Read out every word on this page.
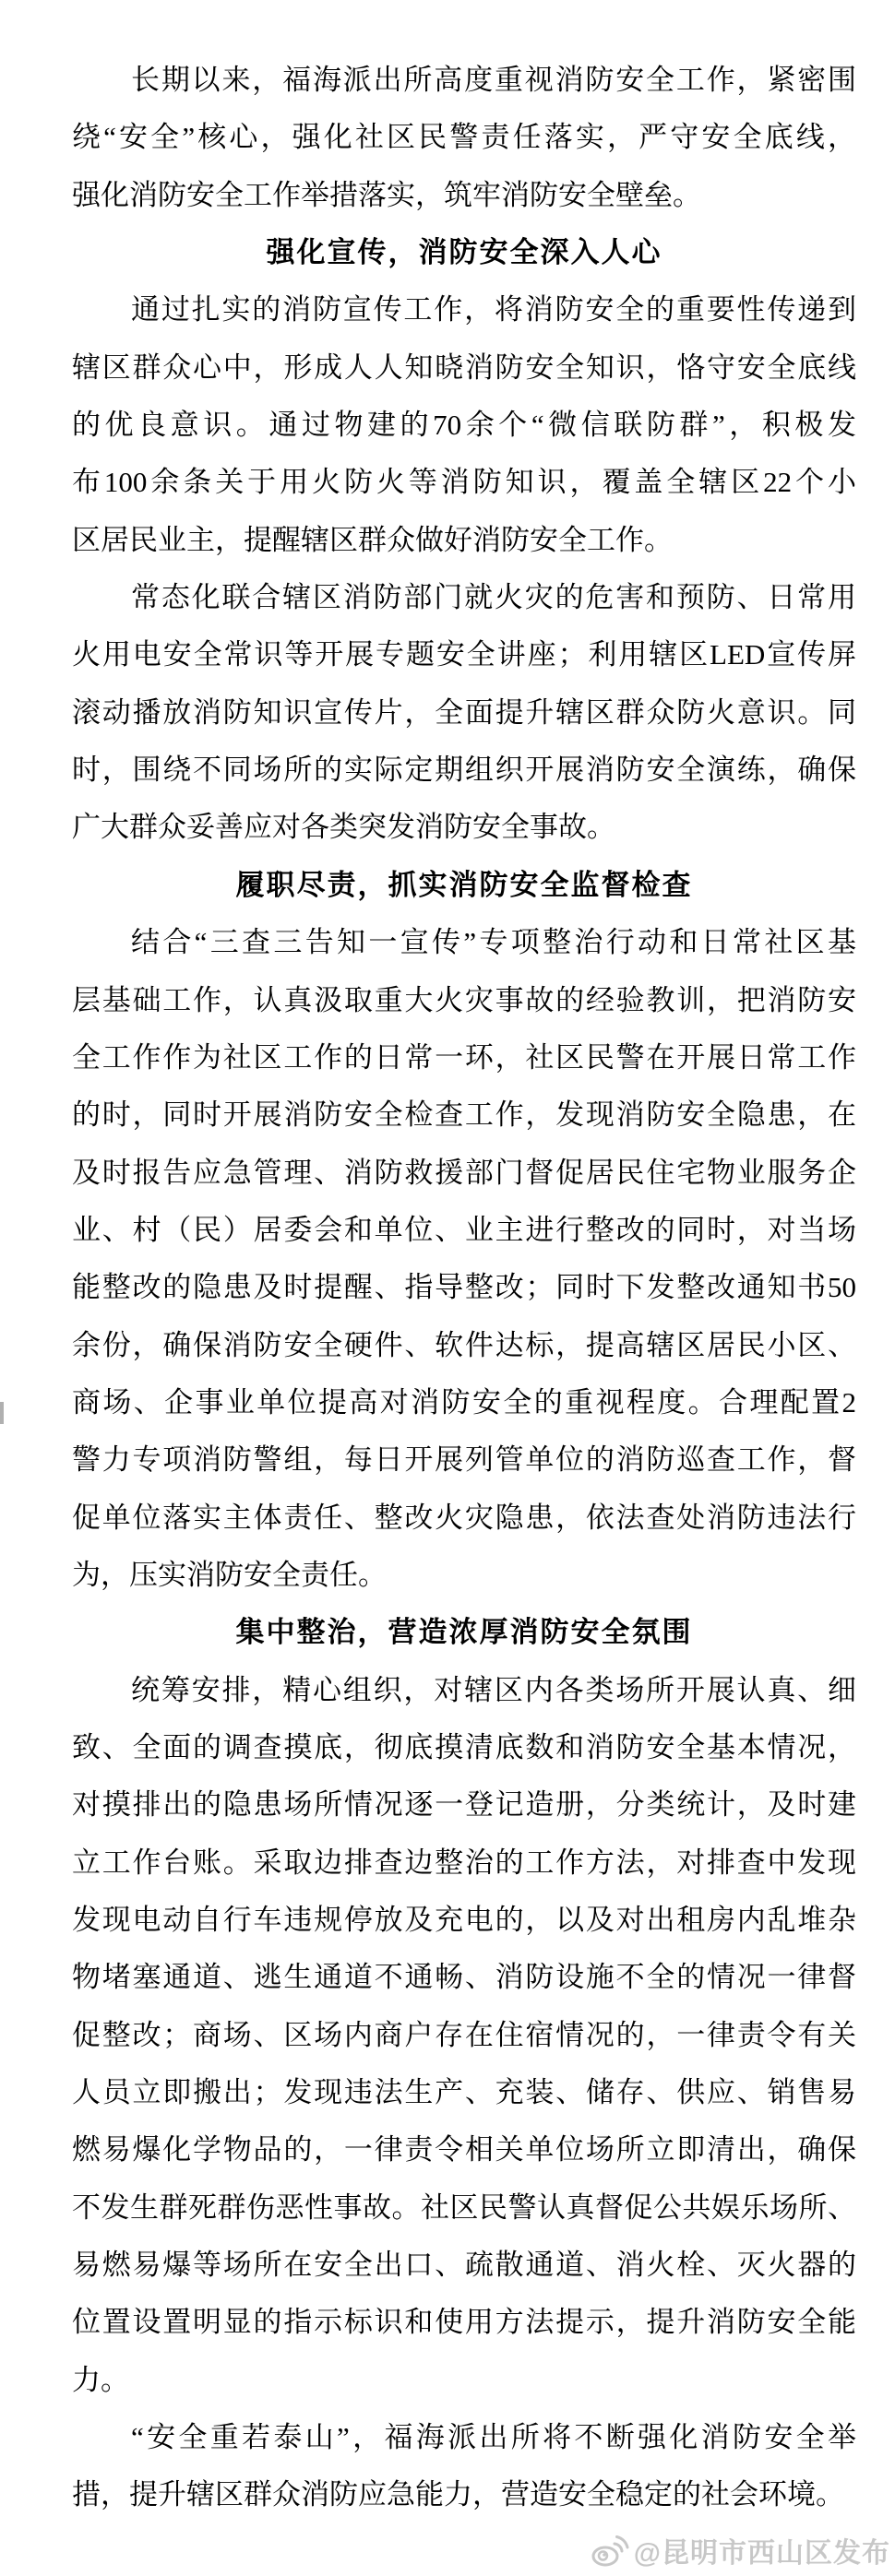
长期以来，福海派出所高度重视消防安全工作，紧密围
绕“安全”核心，强化社区民警责任落实，严守安全底线，
强化消防安全工作举措落实，筑牢消防安全壁垒。
强化宣传，消防安全深入人心
通过扎实的消防宣传工作，将消防安全的重要性传递到
辖区群众心中，形成人人知晓消防安全知识，恪守安全底线
的优良意识。通过物建的70余个“微信联防群”，积极发
布100余条关于用火防火等消防知识，覆盖全辖区22个小
区居民业主，提醒辖区群众做好消防安全工作。
常态化联合辖区消防部门就火灾的危害和预防、日常用
火用电安全常识等开展专题安全讲座；利用辖区LED宣传屏
滚动播放消防知识宣传片，全面提升辖区群众防火意识。同
时，围绕不同场所的实际定期组织开展消防安全演练，确保
广大群众妥善应对各类突发消防安全事故。
履职尽责，抓实消防安全监督检查
结合“三查三告知一宣传”专项整治行动和日常社区基
层基础工作，认真汲取重大火灾事故的经验教训，把消防安
全工作作为社区工作的日常一环，社区民警在开展日常工作
的时，同时开展消防安全检查工作，发现消防安全隐患，在
及时报告应急管理、消防救援部门督促居民住宅物业服务企
业、村（民）居委会和单位、业主进行整改的同时，对当场
能整改的隐患及时提醒、指导整改；同时下发整改通知书50
余份，确保消防安全硬件、软件达标，提高辖区居民小区、
商场、企事业单位提高对消防安全的重视程度。合理配置2
警力专项消防警组，每日开展列管单位的消防巡查工作，督
促单位落实主体责任、整改火灾隐患，依法查处消防违法行
为，压实消防安全责任。
集中整治，营造浓厚消防安全氛围
统筹安排，精心组织，对辖区内各类场所开展认真、细
致、全面的调查摸底，彻底摸清底数和消防安全基本情况，
对摸排出的隐患场所情况逐一登记造册，分类统计，及时建
立工作台账。采取边排查边整治的工作方法，对排查中发现
发现电动自行车违规停放及充电的，以及对出租房内乱堆杂
物堵塞通道、逃生通道不通畅、消防设施不全的情况一律督
促整改；商场、区场内商户存在住宿情况的，一律责令有关
人员立即搬出；发现违法生产、充装、储存、供应、销售易
燃易爆化学物品的，一律责令相关单位场所立即清出，确保
不发生群死群伤恶性事故。社区民警认真督促公共娱乐场所、
易燃易爆等场所在安全出口、疏散通道、消火栓、灭火器的
位置设置明显的指示标识和使用方法提示，提升消防安全能
力。
“安全重若泰山”，福海派出所将不断强化消防安全举
措，提升辖区群众消防应急能力，营造安全稳定的社会环境。
@昆明市西山区发布
